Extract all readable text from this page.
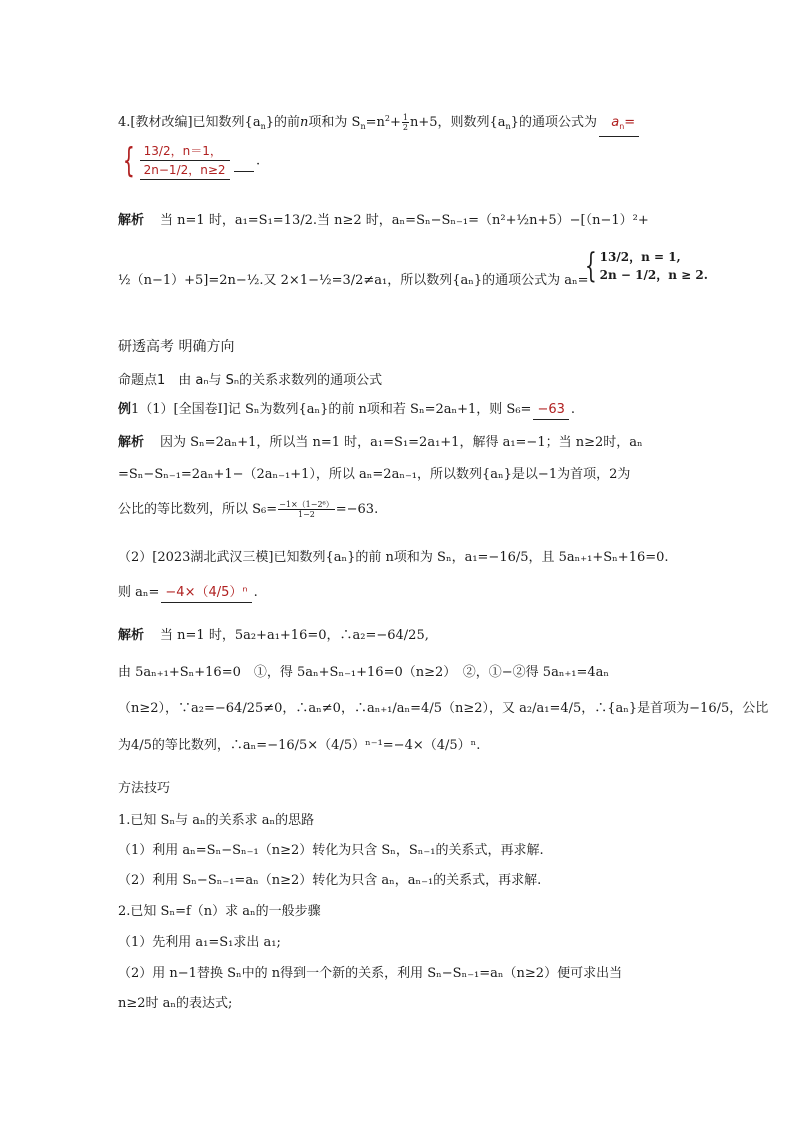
4.[教材改编]已知数列$\{a_n\}$的前n项和为 $S_n=n^2+ \frac{1}{2} n+5$，则数列$\{a_n\}$的通项公式为 $a_n=$
{ $\frac{13/2,n=1,}{2n-1/2,n\ge 2}$ .
解析 当 n=1 时，a₁=S₁=13/2.当 n≥2 时，aₙ=Sₙ−Sₙ₋₁=（n²+½n+5）−[（n−1）²+
½（n−1）+5]=2n−½.又 2×1−½=3/2≠a₁，所以数列{aₙ}的通项公式为 aₙ=
{ 13/2，n = 1,
2n − 1/2，n ≥ 2.
研透高考 明确方向
命题点1　由 aₙ与 Sₙ的关系求数列的通项公式
例1（1）[全国卷Ⅰ]记 Sₙ为数列{aₙ}的前 n项和若 Sₙ=2aₙ+1，则 S₆= −63 .
解析 因为 Sₙ=2aₙ+1，所以当 n=1 时，a₁=S₁=2a₁+1，解得 a₁=−1；当 n≥2时，aₙ
=Sₙ−Sₙ₋₁=2aₙ+1−（2aₙ₋₁+1），所以 aₙ=2aₙ₋₁，所以数列{aₙ}是以−1为首项，2为
公比的等比数列，所以 $S_6= \frac{\text{−1×（1−2⁶）}}{1-2} =-63$.
（2）[2023湖北武汉三模]已知数列{aₙ}的前 n项和为 Sₙ，a₁=−16/5，且 5aₙ₊₁+Sₙ+16=0.
则 aₙ= −4×（4/5）ⁿ .
解析 当 n=1 时，5a₂+a₁+16=0，∴a₂=−64/25,
由 5aₙ₊₁+Sₙ+16=0　①，得 5aₙ+Sₙ₋₁+16=0（n≥2）　②，①−②得 5aₙ₊₁=4aₙ
（n≥2），∵a₂=−64/25≠0，∴aₙ≠0，∴aₙ₊₁/aₙ=4/5（n≥2），又 a₂/a₁=4/5，∴{aₙ}是首项为−16/5，公比
为4/5的等比数列，∴aₙ=−16/5×（4/5）ⁿ⁻¹=−4×（4/5）ⁿ.
方法技巧
1.已知 Sₙ与 aₙ的关系求 aₙ的思路
（1）利用 aₙ=Sₙ−Sₙ₋₁（n≥2）转化为只含 Sₙ，Sₙ₋₁的关系式，再求解.
（2）利用 Sₙ−Sₙ₋₁=aₙ（n≥2）转化为只含 aₙ，aₙ₋₁的关系式，再求解.
2.已知 Sₙ=f（n）求 aₙ的一般步骤
（1）先利用 a₁=S₁求出 a₁;
（2）用 n−1替换 Sₙ中的 n得到一个新的关系，利用 Sₙ−Sₙ₋₁=aₙ（n≥2）便可求出当
n≥2时 aₙ的表达式;
